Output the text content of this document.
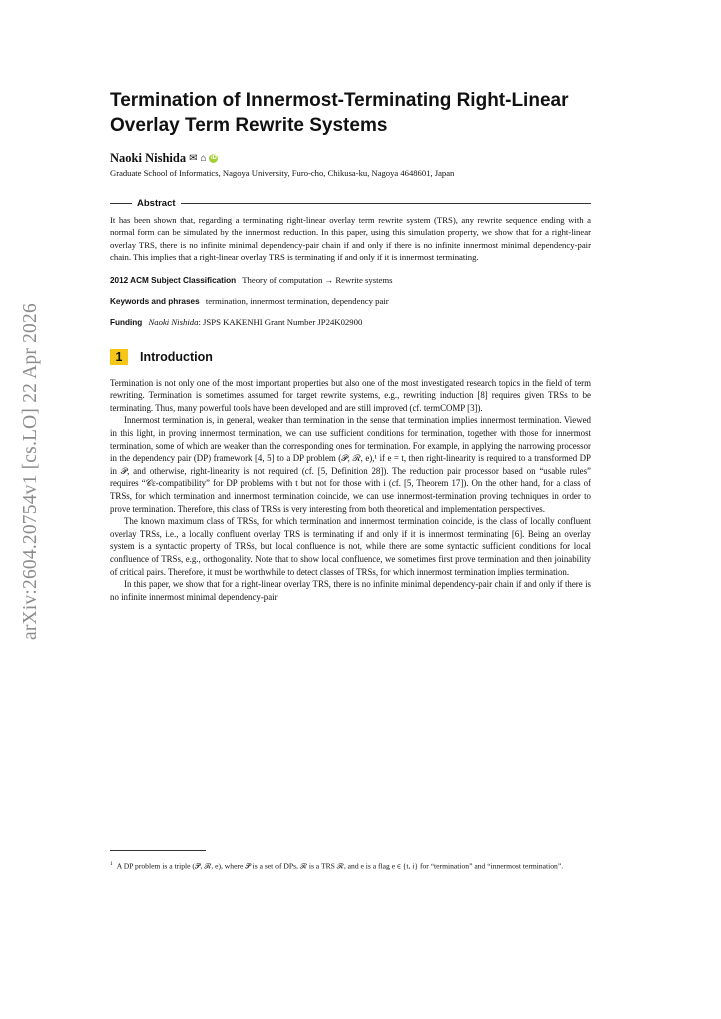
arXiv:2604.20754v1 [cs.LO] 22 Apr 2026
Termination of Innermost-Terminating Right-Linear Overlay Term Rewrite Systems
Naoki Nishida ✉ ⌂ iD
Graduate School of Informatics, Nagoya University, Furo-cho, Chikusa-ku, Nagoya 4648601, Japan
Abstract
It has been shown that, regarding a terminating right-linear overlay term rewrite system (TRS), any rewrite sequence ending with a normal form can be simulated by the innermost reduction. In this paper, using this simulation property, we show that for a right-linear overlay TRS, there is no infinite minimal dependency-pair chain if and only if there is no infinite innermost minimal dependency-pair chain. This implies that a right-linear overlay TRS is terminating if and only if it is innermost terminating.
2012 ACM Subject Classification Theory of computation → Rewrite systems
Keywords and phrases termination, innermost termination, dependency pair
Funding Naoki Nishida: JSPS KAKENHI Grant Number JP24K02900
1	Introduction

Termination is not only one of the most important properties but also one of the most investigated research topics in the field of term rewriting. Termination is sometimes assumed for target rewrite systems, e.g., rewriting induction [8] requires given TRSs to be terminating. Thus, many powerful tools have been developed and are still improved (cf. termCOMP [3]).

Innermost termination is, in general, weaker than termination in the sense that termination implies innermost termination. Viewed in this light, in proving innermost termination, we can use sufficient conditions for termination, together with those for innermost termination, some of which are weaker than the corresponding ones for termination. For example, in applying the narrowing processor in the dependency pair (DP) framework [4, 5] to a DP problem (𝒫, ℛ, e),¹ if e = t, then right-linearity is required to a transformed DP in 𝒫, and otherwise, right-linearity is not required (cf. [5, Definition 28]). The reduction pair processor based on “usable rules” requires “𝒞ε-compatibility” for DP problems with t but not for those with i (cf. [5, Theorem 17]). On the other hand, for a class of TRSs, for which termination and innermost termination coincide, we can use innermost-termination proving techniques in order to prove termination. Therefore, this class of TRSs is very interesting from both theoretical and implementation perspectives.

The known maximum class of TRSs, for which termination and innermost termination coincide, is the class of locally confluent overlay TRSs, i.e., a locally confluent overlay TRS is terminating if and only if it is innermost terminating [6]. Being an overlay system is a syntactic property of TRSs, but local confluence is not, while there are some syntactic sufficient conditions for local confluence of TRSs, e.g., orthogonality. Note that to show local confluence, we sometimes first prove termination and then joinability of critical pairs. Therefore, it must be worthwhile to detect classes of TRSs, for which innermost termination implies termination.

In this paper, we show that for a right-linear overlay TRS, there is no infinite minimal dependency-pair chain if and only if there is no infinite innermost minimal dependency-pair

$^1$ A DP problem is a triple (𝒫, ℛ, e), where 𝒫 is a set of DPs, ℛ is a TRS ℛ, and e is a flag e ∈ {t, i} for “termination” and “innermost termination”.
